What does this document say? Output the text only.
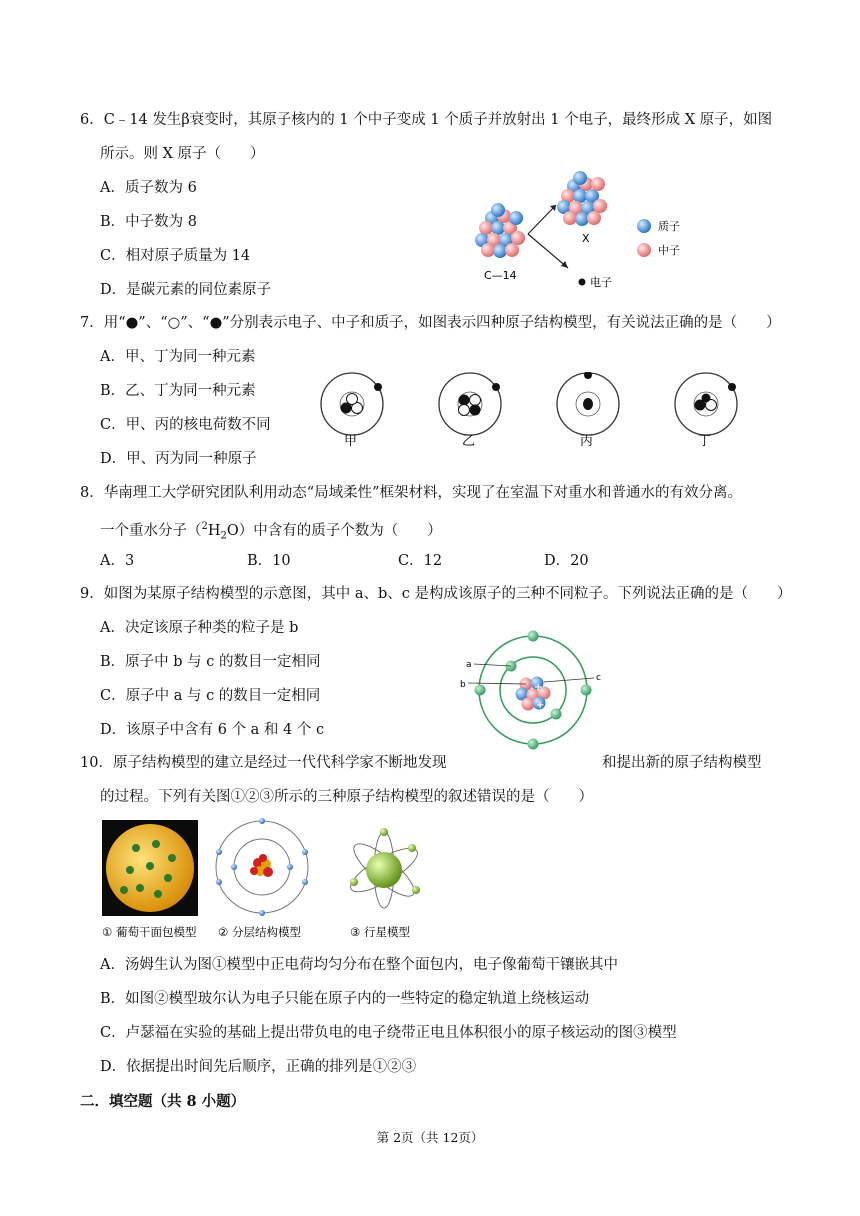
6．C﹣14 发生β衰变时，其原子核内的 1 个中子变成 1 个质子并放射出 1 个电子，最终形成 X 原子，如图
所示。则 X 原子（　　）
A．质子数为 6
B．中子数为 8
C．相对原子质量为 14
D．是碳元素的同位素原子
C—14
X
电子
质子
中子
7．用“●”、“○”、“●”分别表示电子、中子和质子，如图表示四种原子结构模型，有关说法正确的是（　　）
A．甲、丁为同一种元素
B．乙、丁为同一种元素
C．甲、丙的核电荷数不同
D．甲、丙为同一种原子
甲	乙	丙	丁
8．华南理工大学研究团队利用动态“局域柔性”框架材料，实现了在室温下对重水和普通水的有效分离。
一个重水分子$(^2H_2O)$中含有的质子个数为（　　）
A．3	B．10	C．12	D．20
9．如图为某原子结构模型的示意图，其中 a、b、c 是构成该原子的三种不同粒子。下列说法正确的是（　　）
A．决定该原子种类的粒子是 b
B．原子中 b 与 c 的数目一定相同
C．原子中 a 与 c 的数目一定相同
D．该原子中含有 6 个 a 和 4 个 c
+
+
a
b
c
10．原子结构模型的建立是经过一代代科学家不断地发现	和提出新的原子结构模型
的过程。下列有关图①②③所示的三种原子结构模型的叙述错误的是（　　）
① 葡萄干面包模型 ② 分层结构模型	③ 行星模型
A．汤姆生认为图①模型中正电荷均匀分布在整个面包内，电子像葡萄干镶嵌其中
B．如图②模型玻尔认为电子只能在原子内的一些特定的稳定轨道上绕核运动
C．卢瑟福在实验的基础上提出带负电的电子绕带正电且体积很小的原子核运动的图③模型
D．依据提出时间先后顺序，正确的排列是①②③
二．填空题（共 8 小题）
第 2页（共 12页）
